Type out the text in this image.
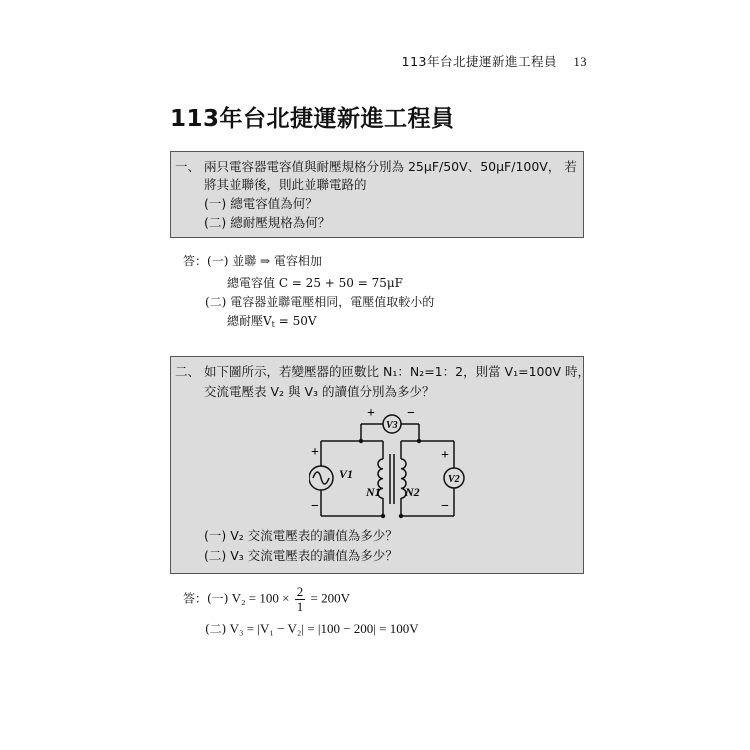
113年台北捷運新進工程員 13
113年台北捷運新進工程員
一、 兩只電容器電容值與耐壓規格分別為 25μF/50V、50μF/100V， 若
將其並聯後，則此並聯電路的
(一) 總電容值為何？
(二) 總耐壓規格為何？
答：(一) 並聯 ⇒ 電容相加
總電容值 C = 25 + 50 = 75μF
(二) 電容器並聯電壓相同，電壓值取較小的
總耐壓$V_t = 50V$
二、 如下圖所示，若變壓器的匝數比 N₁：N₂=1：2，則當 V₁=100V 時，
交流電壓表 V₂ 與 V₃ 的讀值分別為多少？
V1
N1 N2
V2
V3
+ −
+
−
+
−
(一) V₂ 交流電壓表的讀值為多少？
(二) V₃ 交流電壓表的讀值為多少？
答：(一) $V_2 = 100 \times \frac{2}{1} = 200V$
(二) V₃ = |V₁ − V₂| = |100 − 200| = 100V
